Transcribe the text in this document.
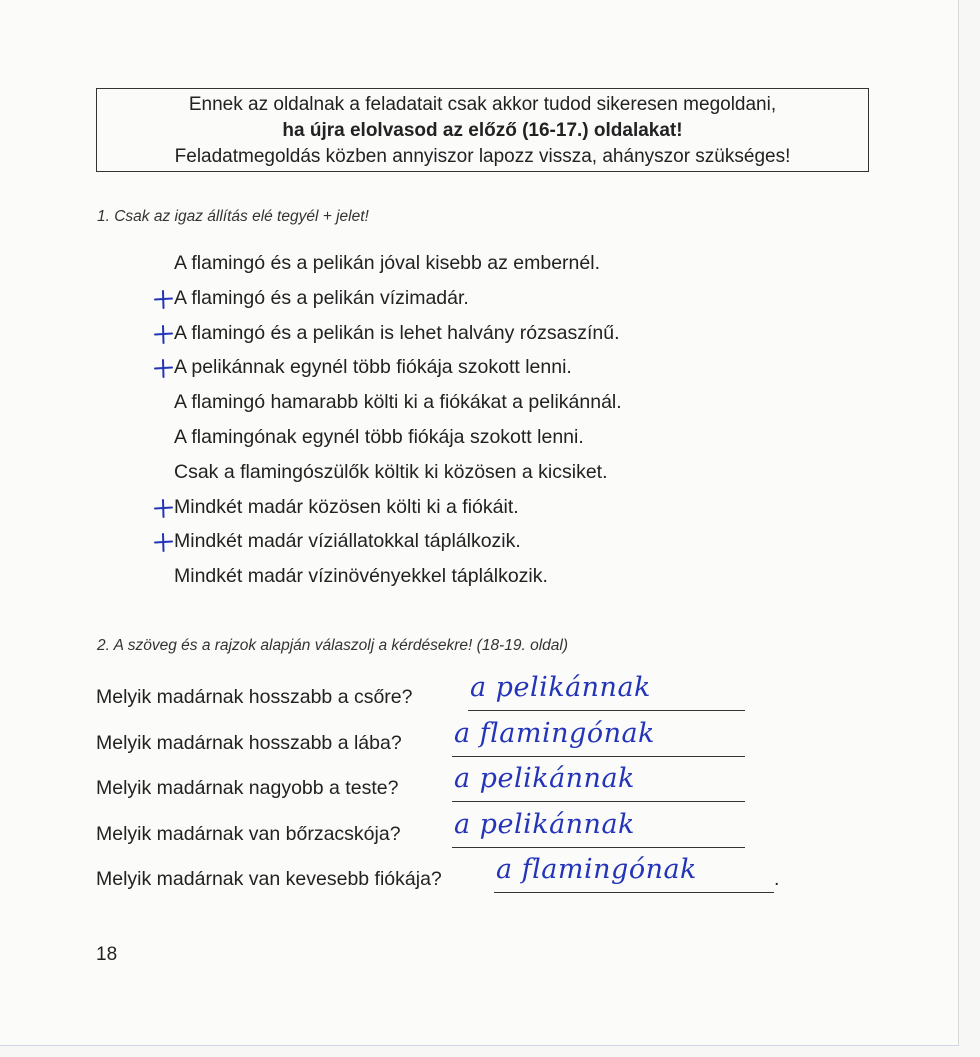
Ennek az oldalnak a feladatait csak akkor tudod sikeresen megoldani,
ha újra elolvasod az előző (16-17.) oldalakat!
Feladatmegoldás közben annyiszor lapozz vissza, ahányszor szükséges!
1. Csak az igaz állítás elé tegyél + jelet!
A flamingó és a pelikán jóval kisebb az embernél.
A flamingó és a pelikán vízimadár.
A flamingó és a pelikán is lehet halvány rózsaszínű.
A pelikánnak egynél több fiókája szokott lenni.
A flamingó hamarabb költi ki a fiókákat a pelikánnál.
A flamingónak egynél több fiókája szokott lenni.
Csak a flamingószülők költik ki közösen a kicsiket.
Mindkét madár közösen költi ki a fiókáit.
Mindkét madár víziállatokkal táplálkozik.
Mindkét madár vízinövényekkel táplálkozik.
2. A szöveg és a rajzok alapján válaszolj a kérdésekre! (18-19. oldal)
Melyik madárnak hosszabb a csőre? a pelikánnak
Melyik madárnak hosszabb a lába? a flamingónak
Melyik madárnak nagyobb a teste? a pelikánnak
Melyik madárnak van bőrzacskója? a pelikánnak
Melyik madárnak van kevesebb fiókája? a flamingónak	.
18
